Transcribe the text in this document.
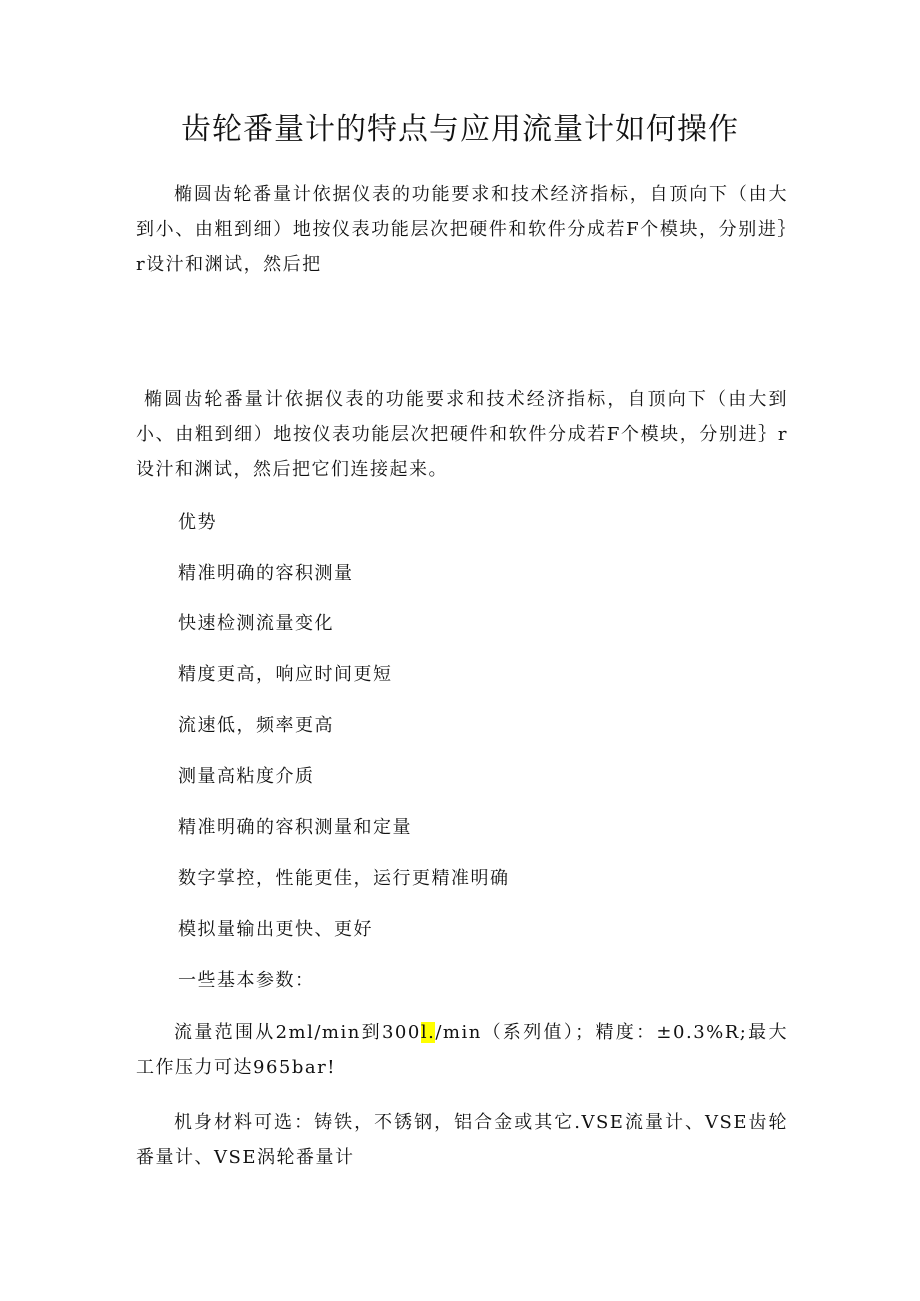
齿轮番量计的特点与应用流量计如何操作

椭圆齿轮番量计依据仪表的功能要求和技术经济指标，自顶向下（由大到小、由粗到细）地按仪表功能层次把硬件和软件分成若F个模块，分别进｝r设汁和渊试，然后把

椭圆齿轮番量计依据仪表的功能要求和技术经济指标，自顶向下（由大到小、由粗到细）地按仪表功能层次把硬件和软件分成若F个模块，分别进｝r设汁和渊试，然后把它们连接起来。

优势

精准明确的容积测量

快速检测流量变化

精度更高，响应时间更短

流速低，频率更高

测量高粘度介质

精准明确的容积测量和定量

数字掌控，性能更佳，运行更精准明确

模拟量输出更快、更好

一些基本参数：

流量范围从2ml/min到300l./min（系列值）；精度：±0.3%R;最大工作压力可达965bar!

机身材料可选：铸铁，不锈钢，铝合金或其它.VSE流量计、VSE齿轮番量计、VSE涡轮番量计
